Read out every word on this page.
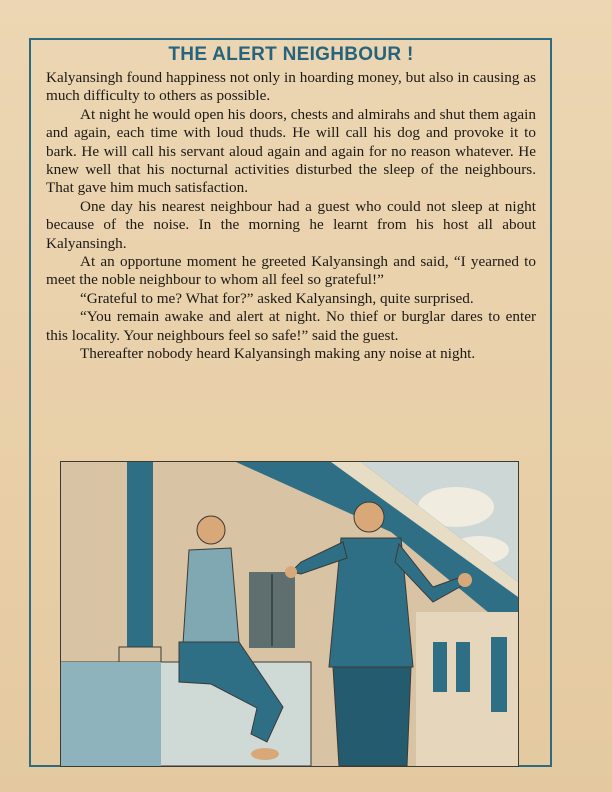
THE ALERT NEIGHBOUR !

Kalyansingh found happiness not only in hoarding money, but also in causing as much difficulty to others as possible.

At night he would open his doors, chests and almirahs and shut them again and again, each time with loud thuds. He will call his dog and provoke it to bark. He will call his servant aloud again and again for no reason whatever. He knew well that his nocturnal activities disturbed the sleep of the neighbours. That gave him much satisfaction.

One day his nearest neighbour had a guest who could not sleep at night because of the noise. In the morning he learnt from his host all about Kalyansingh.

At an opportune moment he greeted Kalyansingh and said, “I yearned to meet the noble neighbour to whom all feel so grateful!”

“Grateful to me? What for?” asked Kalyansingh, quite surprised.

“You remain awake and alert at night. No thief or burglar dares to enter this locality. Your neighbours feel so safe!” said the guest.

Thereafter nobody heard Kalyansingh making any noise at night.
